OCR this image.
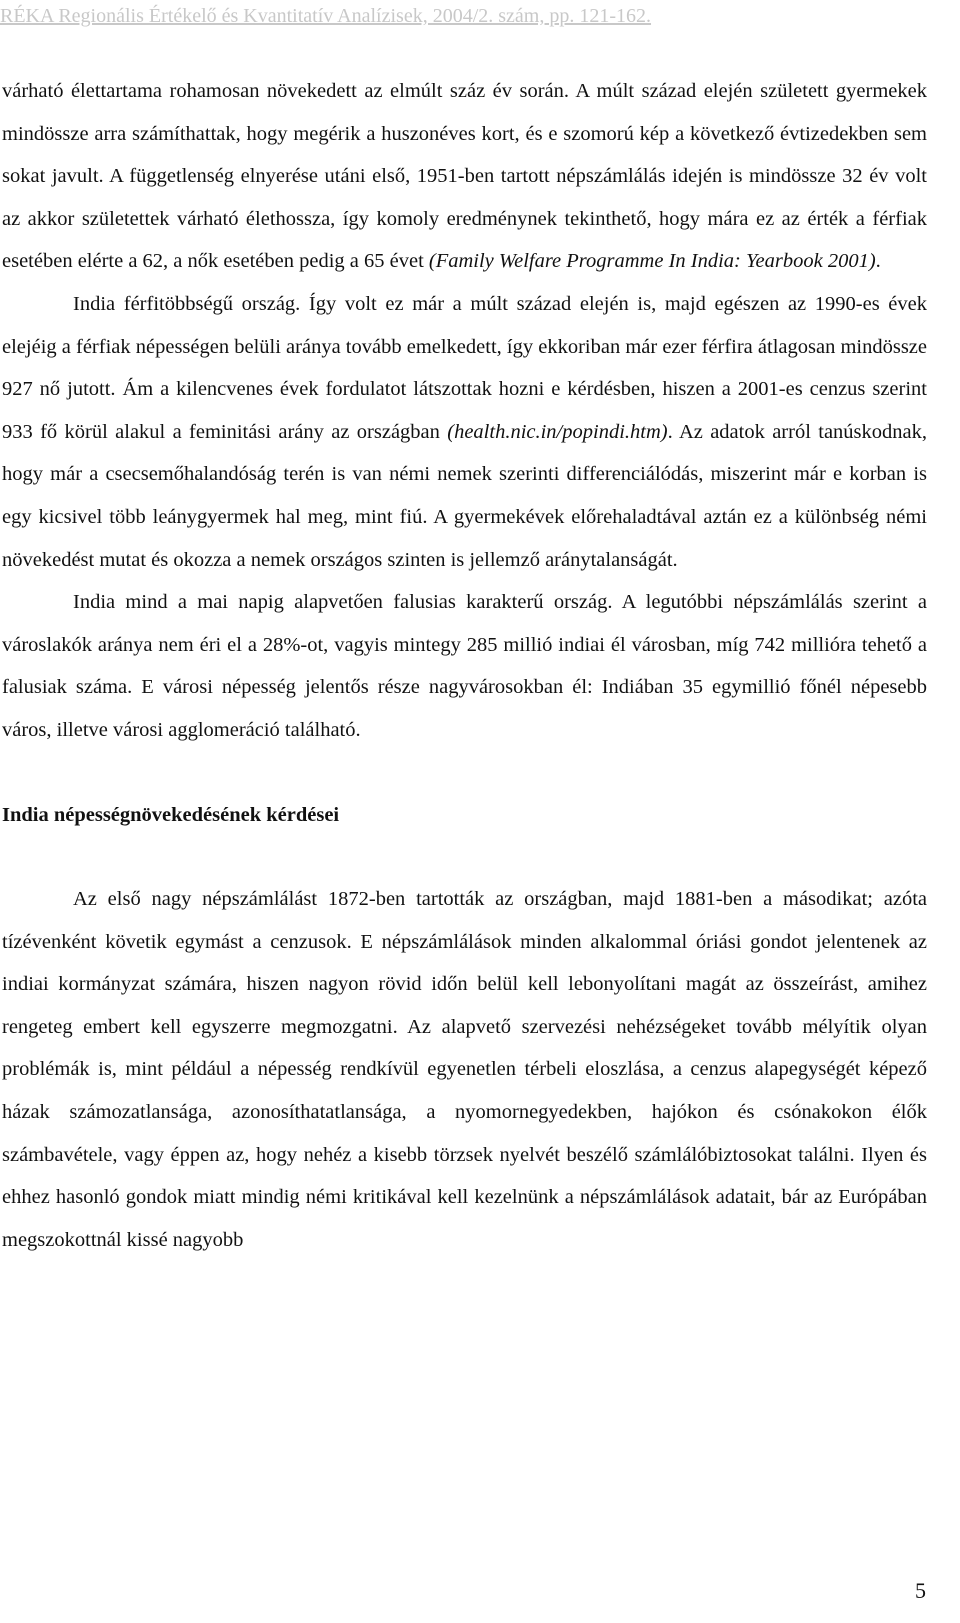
RÉKA Regionális Értékelő és Kvantitatív Analízisek, 2004/2. szám, pp. 121-162.

várható élettartama rohamosan növekedett az elmúlt száz év során. A múlt század elején született gyermekek mindössze arra számíthattak, hogy megérik a huszonéves kort, és e szomorú kép a következő évtizedekben sem sokat javult. A függetlenség elnyerése utáni első, 1951-ben tartott népszámlálás idején is mindössze 32 év volt az akkor születettek várható élethossza, így komoly eredménynek tekinthető, hogy mára ez az érték a férfiak esetében elérte a 62, a nők esetében pedig a 65 évet (Family Welfare Programme In India: Yearbook 2001).

India férfitöbbségű ország. Így volt ez már a múlt század elején is, majd egészen az 1990-es évek elejéig a férfiak népességen belüli aránya tovább emelkedett, így ekkoriban már ezer férfira átlagosan mindössze 927 nő jutott. Ám a kilencvenes évek fordulatot látszottak hozni e kérdésben, hiszen a 2001-es cenzus szerint 933 fő körül alakul a feminitási arány az országban (health.nic.in/popindi.htm). Az adatok arról tanúskodnak, hogy már a csecsemőhalandóság terén is van némi nemek szerinti differenciálódás, miszerint már e korban is egy kicsivel több leánygyermek hal meg, mint fiú. A gyermekévek előrehaladtával aztán ez a különbség némi növekedést mutat és okozza a nemek országos szinten is jellemző aránytalanságát.

India mind a mai napig alapvetően falusias karakterű ország. A legutóbbi népszámlálás szerint a városlakók aránya nem éri el a 28%-ot, vagyis mintegy 285 millió indiai él városban, míg 742 millióra tehető a falusiak száma. E városi népesség jelentős része nagyvárosokban él: Indiában 35 egymillió főnél népesebb város, illetve városi agglomeráció található.

India népességnövekedésének kérdései

Az első nagy népszámlálást 1872-ben tartották az országban, majd 1881-ben a másodikat; azóta tízévenként követik egymást a cenzusok. E népszámlálások minden alkalommal óriási gondot jelentenek az indiai kormányzat számára, hiszen nagyon rövid időn belül kell lebonyolítani magát az összeírást, amihez rengeteg embert kell egyszerre megmozgatni. Az alapvető szervezési nehézségeket tovább mélyítik olyan problémák is, mint például a népesség rendkívül egyenetlen térbeli eloszlása, a cenzus alapegységét képező házak számozatlansága, azonosíthatatlansága, a nyomornegyedekben, hajókon és csónakokon élők számbavétele, vagy éppen az, hogy nehéz a kisebb törzsek nyelvét beszélő számlálóbiztosokat találni. Ilyen és ehhez hasonló gondok miatt mindig némi kritikával kell kezelnünk a népszámlálások adatait, bár az Európában megszokottnál kissé nagyobb

5
